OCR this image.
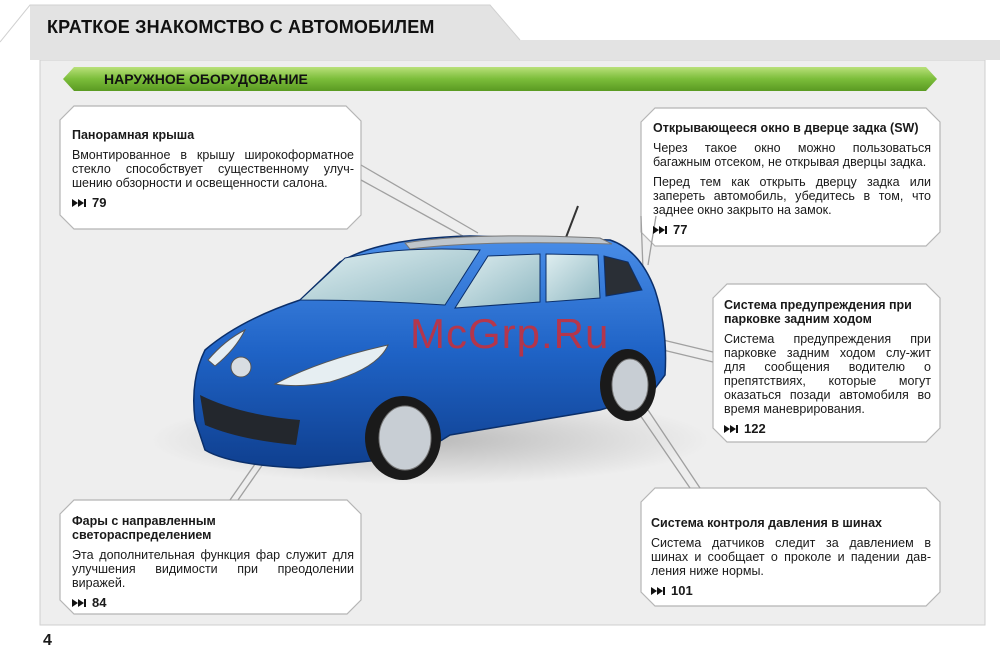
КРАТКОЕ ЗНАКОМСТВО С АВТОМОБИЛЕМ
НАРУЖНОЕ ОБОРУДОВАНИЕ
Панорамная крыша

Вмонтированное в крышу широкоформатное стекло способствует существенному улуч-шению обзорности и освещенности салона.

79
Открывающееся окно в дверце задка (SW)

Через такое окно можно пользоваться багажным отсеком, не открывая дверцы задка.

Перед тем как открыть дверцу задка или запереть автомобиль, убедитесь в том, что заднее окно закрыто на замок.

77
Система предупреждения при парковке задним ходом

Система предупреждения при парковке задним ходом слу-жит для сообщения водителю о препятствиях, которые могут оказаться позади автомобиля во время маневрирования.

122
Фары с направленным светораспределением

Эта дополнительная функция фар служит для улучшения видимости при преодолении виражей.

84
Система контроля давления в шинах

Система датчиков следит за давлением в шинах и сообщает о проколе и падении дав-ления ниже нормы.

101
McGrp.Ru
4
